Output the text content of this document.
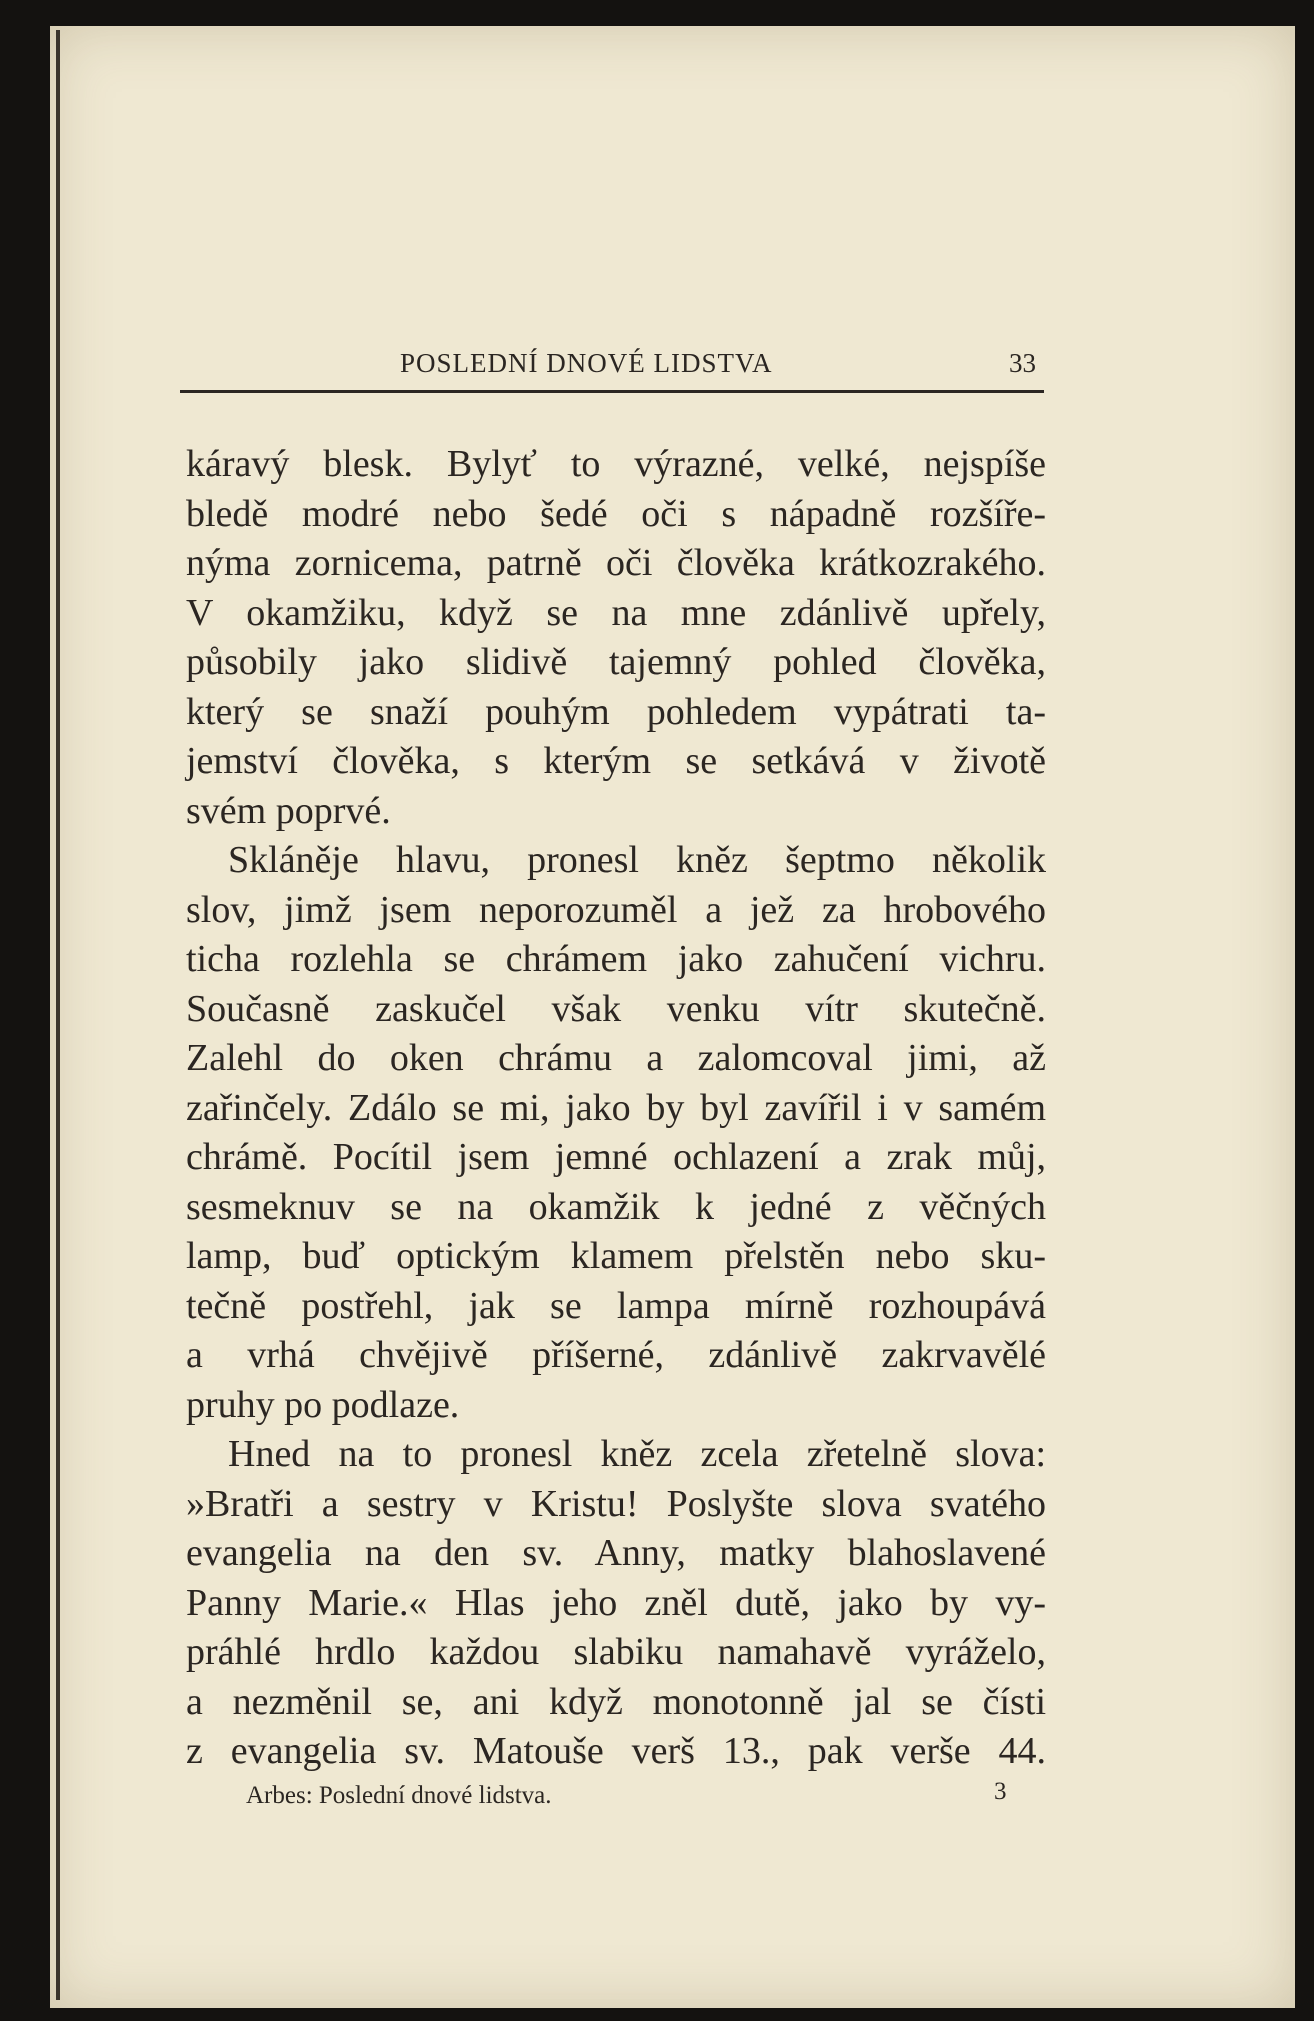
POSLEDNÍ DNOVÉ LIDSTVA	33
káravý blesk. Bylyť to výrazné, velké, nejspíše
bledě modré nebo šedé oči s nápadně rozšíře-
nýma zornicema, patrně oči člověka krátkozrakého.
V okamžiku, když se na mne zdánlivě upřely,
působily jako slidivě tajemný pohled člověka,
který se snaží pouhým pohledem vypátrati ta-
jemství člověka, s kterým se setkává v životě
svém poprvé.
Skláněje hlavu, pronesl kněz šeptmo několik
slov, jimž jsem neporozuměl a jež za hrobového
ticha rozlehla se chrámem jako zahučení vichru.
Současně zaskučel však venku vítr skutečně.
Zalehl do oken chrámu a zalomcoval jimi, až
zařinčely. Zdálo se mi, jako by byl zavířil i v samém
chrámě. Pocítil jsem jemné ochlazení a zrak můj,
sesmeknuv se na okamžik k jedné z věčných
lamp, buď optickým klamem přelstěn nebo sku-
tečně postřehl, jak se lampa mírně rozhoupává
a vrhá chvějivě příšerné, zdánlivě zakrvavělé
pruhy po podlaze.
Hned na to pronesl kněz zcela zřetelně slova:
»Bratři a sestry v Kristu! Poslyšte slova svatého
evangelia na den sv. Anny, matky blahoslavené
Panny Marie.« Hlas jeho zněl dutě, jako by vy-
práhlé hrdlo každou slabiku namahavě vyráželo,
a nezměnil se, ani když monotonně jal se čísti
z evangelia sv. Matouše verš 13., pak verše 44.
Arbes: Poslední dnové lidstva.	3
